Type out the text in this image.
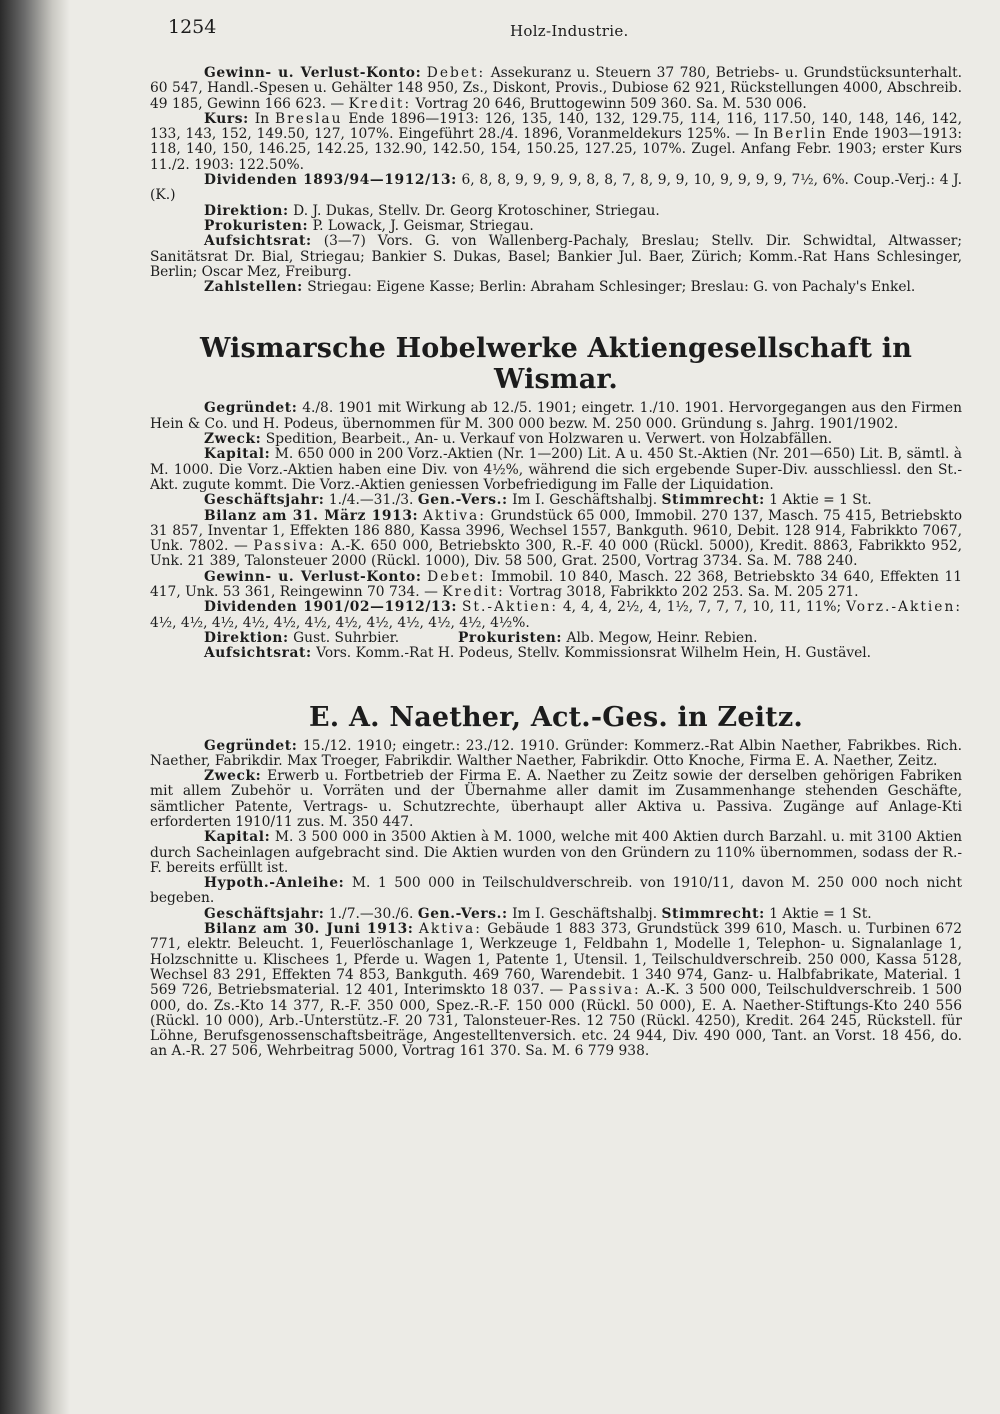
1254	Holz-Industrie.

Gewinn- u. Verlust-Konto: Debet: Assekuranz u. Steuern 37 780, Betriebs- u. Grundstücksunterhalt. 60 547, Handl.-Spesen u. Gehälter 148 950, Zs., Diskont, Provis., Dubiose 62 921, Rückstellungen 4000, Abschreib. 49 185, Gewinn 166 623. — Kredit: Vortrag 20 646, Bruttogewinn 509 360. Sa. M. 530 006.

Kurs: In Breslau Ende 1896—1913: 126, 135, 140, 132, 129.75, 114, 116, 117.50, 140, 148, 146, 142, 133, 143, 152, 149.50, 127, 107%. Eingeführt 28./4. 1896, Voranmeldekurs 125%. — In Berlin Ende 1903—1913: 118, 140, 150, 146.25, 142.25, 132.90, 142.50, 154, 150.25, 127.25, 107%. Zugel. Anfang Febr. 1903; erster Kurs 11./2. 1903: 122.50%.

Dividenden 1893/94—1912/13: 6, 8, 8, 9, 9, 9, 9, 8, 8, 7, 8, 9, 9, 10, 9, 9, 9, 9, 7½, 6%. Coup.-Verj.: 4 J. (K.)

Direktion: D. J. Dukas, Stellv. Dr. Georg Krotoschiner, Striegau.

Prokuristen: P. Lowack, J. Geismar, Striegau.

Aufsichtsrat: (3—7) Vors. G. von Wallenberg-Pachaly, Breslau; Stellv. Dir. Schwidtal, Altwasser; Sanitätsrat Dr. Bial, Striegau; Bankier S. Dukas, Basel; Bankier Jul. Baer, Zürich; Komm.-Rat Hans Schlesinger, Berlin; Oscar Mez, Freiburg.

Zahlstellen: Striegau: Eigene Kasse; Berlin: Abraham Schlesinger; Breslau: G. von Pachaly's Enkel.

Wismarsche Hobelwerke Aktiengesellschaft in Wismar.

Gegründet: 4./8. 1901 mit Wirkung ab 12./5. 1901; eingetr. 1./10. 1901. Hervorgegangen aus den Firmen Hein & Co. und H. Podeus, übernommen für M. 300 000 bezw. M. 250 000. Gründung s. Jahrg. 1901/1902.

Zweck: Spedition, Bearbeit., An- u. Verkauf von Holzwaren u. Verwert. von Holzabfällen.

Kapital: M. 650 000 in 200 Vorz.-Aktien (Nr. 1—200) Lit. A u. 450 St.-Aktien (Nr. 201—650) Lit. B, sämtl. à M. 1000. Die Vorz.-Aktien haben eine Div. von 4½%, während die sich ergebende Super-Div. ausschliessl. den St.-Akt. zugute kommt. Die Vorz.-Aktien geniessen Vorbefriedigung im Falle der Liquidation.

Geschäftsjahr: 1./4.—31./3. Gen.-Vers.: Im I. Geschäftshalbj. Stimmrecht: 1 Aktie = 1 St.

Bilanz am 31. März 1913: Aktiva: Grundstück 65 000, Immobil. 270 137, Masch. 75 415, Betriebskto 31 857, Inventar 1, Effekten 186 880, Kassa 3996, Wechsel 1557, Bankguth. 9610, Debit. 128 914, Fabrikkto 7067, Unk. 7802. — Passiva: A.-K. 650 000, Betriebskto 300, R.-F. 40 000 (Rückl. 5000), Kredit. 8863, Fabrikkto 952, Unk. 21 389, Talonsteuer 2000 (Rückl. 1000), Div. 58 500, Grat. 2500, Vortrag 3734. Sa. M. 788 240.

Gewinn- u. Verlust-Konto: Debet: Immobil. 10 840, Masch. 22 368, Betriebskto 34 640, Effekten 11 417, Unk. 53 361, Reingewinn 70 734. — Kredit: Vortrag 3018, Fabrikkto 202 253. Sa. M. 205 271.

Dividenden 1901/02—1912/13: St.-Aktien: 4, 4, 4, 2½, 4, 1½, 7, 7, 7, 10, 11, 11%; Vorz.-Aktien: 4½, 4½, 4½, 4½, 4½, 4½, 4½, 4½, 4½, 4½, 4½, 4½%.

Direktion: Gust. Suhrbier.	Prokuristen: Alb. Megow, Heinr. Rebien.

Aufsichtsrat: Vors. Komm.-Rat H. Podeus, Stellv. Kommissionsrat Wilhelm Hein, H. Gustävel.

E. A. Naether, Act.-Ges. in Zeitz.

Gegründet: 15./12. 1910; eingetr.: 23./12. 1910. Gründer: Kommerz.-Rat Albin Naether, Fabrikbes. Rich. Naether, Fabrikdir. Max Troeger, Fabrikdir. Walther Naether, Fabrikdir. Otto Knoche, Firma E. A. Naether, Zeitz.

Zweck: Erwerb u. Fortbetrieb der Firma E. A. Naether zu Zeitz sowie der derselben gehörigen Fabriken mit allem Zubehör u. Vorräten und der Übernahme aller damit im Zusammenhange stehenden Geschäfte, sämtlicher Patente, Vertrags- u. Schutzrechte, überhaupt aller Aktiva u. Passiva. Zugänge auf Anlage-Kti erforderten 1910/11 zus. M. 350 447.

Kapital: M. 3 500 000 in 3500 Aktien à M. 1000, welche mit 400 Aktien durch Barzahl. u. mit 3100 Aktien durch Sacheinlagen aufgebracht sind. Die Aktien wurden von den Gründern zu 110% übernommen, sodass der R.-F. bereits erfüllt ist.

Hypoth.-Anleihe: M. 1 500 000 in Teilschuldverschreib. von 1910/11, davon M. 250 000 noch nicht begeben.

Geschäftsjahr: 1./7.—30./6. Gen.-Vers.: Im I. Geschäftshalbj. Stimmrecht: 1 Aktie = 1 St.

Bilanz am 30. Juni 1913: Aktiva: Gebäude 1 883 373, Grundstück 399 610, Masch. u. Turbinen 672 771, elektr. Beleucht. 1, Feuerlöschanlage 1, Werkzeuge 1, Feldbahn 1, Modelle 1, Telephon- u. Signalanlage 1, Holzschnitte u. Klischees 1, Pferde u. Wagen 1, Patente 1, Utensil. 1, Teilschuldverschreib. 250 000, Kassa 5128, Wechsel 83 291, Effekten 74 853, Bankguth. 469 760, Warendebit. 1 340 974, Ganz- u. Halbfabrikate, Material. 1 569 726, Betriebsmaterial. 12 401, Interimskto 18 037. — Passiva: A.-K. 3 500 000, Teilschuldverschreib. 1 500 000, do. Zs.-Kto 14 377, R.-F. 350 000, Spez.-R.-F. 150 000 (Rückl. 50 000), E. A. Naether-Stiftungs-Kto 240 556 (Rückl. 10 000), Arb.-Unterstütz.-F. 20 731, Talonsteuer-Res. 12 750 (Rückl. 4250), Kredit. 264 245, Rückstell. für Löhne, Berufsgenossenschaftsbeiträge, Angestelltenversich. etc. 24 944, Div. 490 000, Tant. an Vorst. 18 456, do. an A.-R. 27 506, Wehrbeitrag 5000, Vortrag 161 370. Sa. M. 6 779 938.
